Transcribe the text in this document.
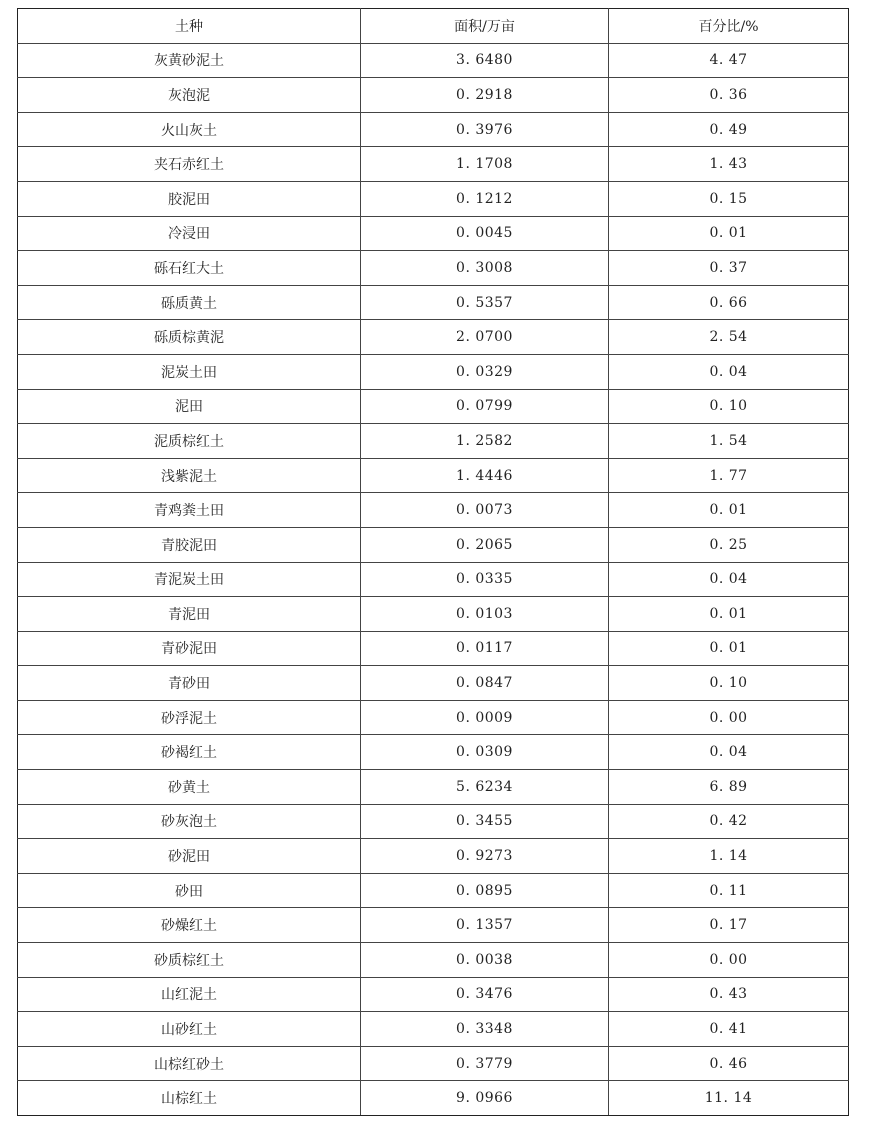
土种	面积/万亩	百分比/%
灰黄砂泥土	3. 6480	4. 47
灰泡泥	0. 2918	0. 36
火山灰土	0. 3976	0. 49
夹石赤红土	1. 1708	1. 43
胶泥田	0. 1212	0. 15
冷浸田	0. 0045	0. 01
砾石红大土	0. 3008	0. 37
砾质黄土	0. 5357	0. 66
砾质棕黄泥	2. 0700	2. 54
泥炭土田	0. 0329	0. 04
泥田	0. 0799	0. 10
泥质棕红土	1. 2582	1. 54
浅紫泥土	1. 4446	1. 77
青鸡粪土田	0. 0073	0. 01
青胶泥田	0. 2065	0. 25
青泥炭土田	0. 0335	0. 04
青泥田	0. 0103	0. 01
青砂泥田	0. 0117	0. 01
青砂田	0. 0847	0. 10
砂浮泥土	0. 0009	0. 00
砂褐红土	0. 0309	0. 04
砂黄土	5. 6234	6. 89
砂灰泡土	0. 3455	0. 42
砂泥田	0. 9273	1. 14
砂田	0. 0895	0. 11
砂燥红土	0. 1357	0. 17
砂质棕红土	0. 0038	0. 00
山红泥土	0. 3476	0. 43
山砂红土	0. 3348	0. 41
山棕红砂土	0. 3779	0. 46
山棕红土	9. 0966	11. 14
